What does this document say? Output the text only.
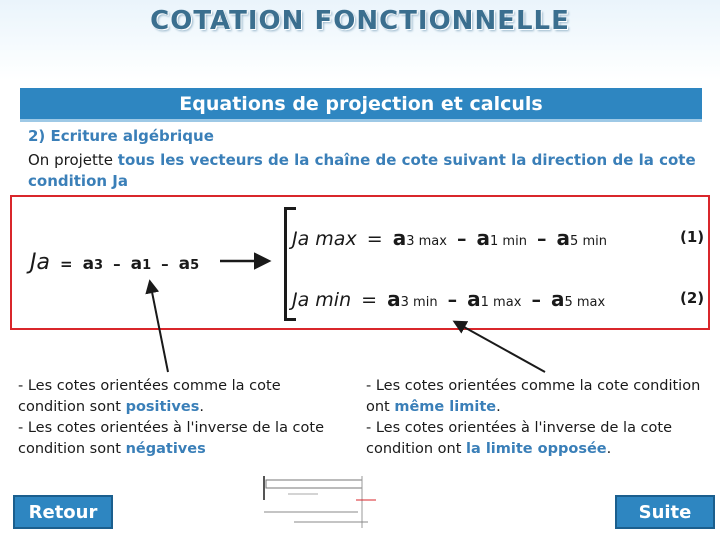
COTATION FONCTIONNELLE
Equations de projection et calculs
2) Ecriture algébrique
On projette tous les vecteurs de la chaîne de cote suivant la direction de la cote condition Ja
Ja = a3 – a1 – a5
Ja max = a3 max – a1 min – a5 min	(1)
Ja min = a3 min – a1 max – a5 max	(2)
- Les cotes orientées comme la cote condition sont positives.
- Les cotes orientées à l'inverse de la cote condition sont négatives
- Les cotes orientées comme la cote condition ont même limite.
- Les cotes orientées à l'inverse de la cote condition ont la limite opposée.
Retour	Suite
